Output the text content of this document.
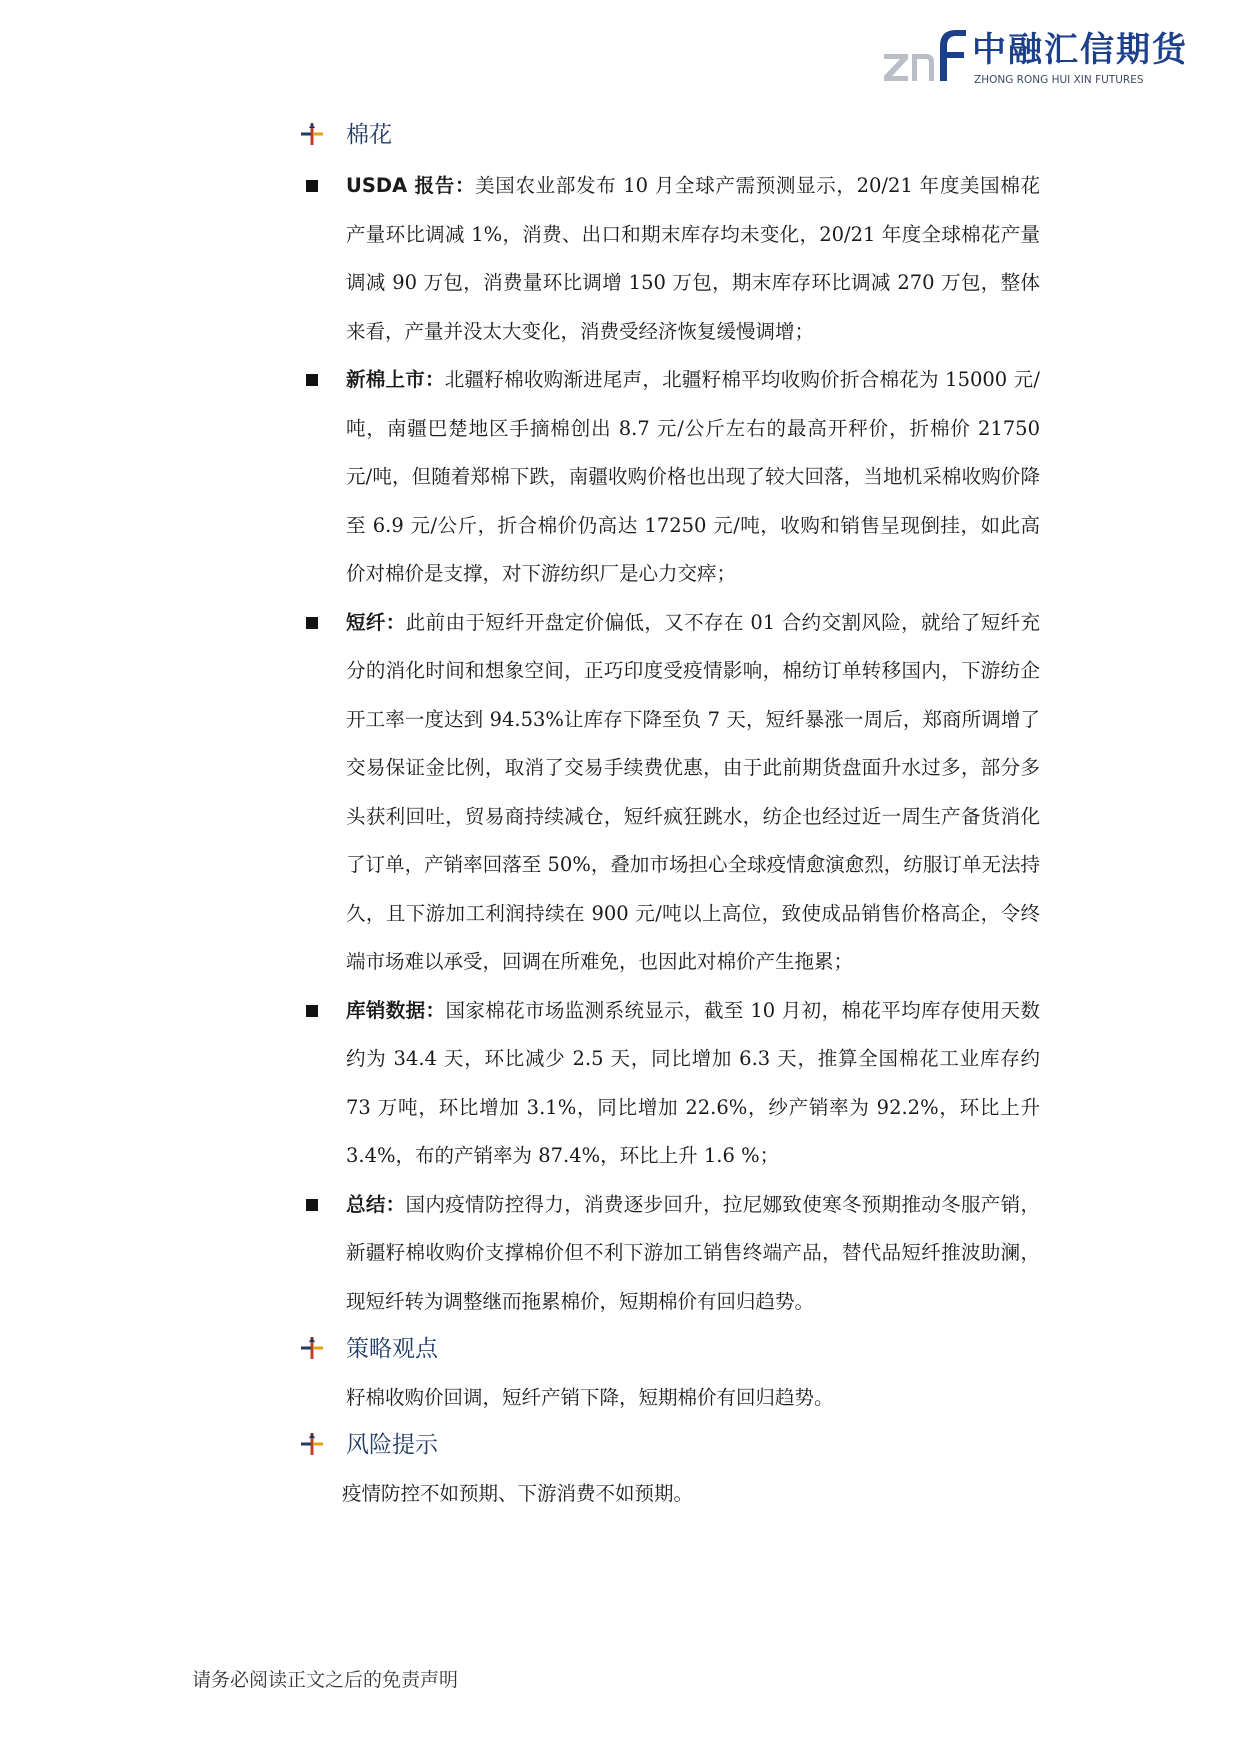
中融汇信期货
ZHONG RONG HUI XIN FUTURES
棉花
USDA 报告：美国农业部发布 10 月全球产需预测显示，20/21 年度美国棉花产量环比调减 1%，消费、出口和期末库存均未变化，20/21 年度全球棉花产量调减 90 万包，消费量环比调增 150 万包，期末库存环比调减 270 万包，整体来看，产量并没太大变化，消费受经济恢复缓慢调增；
新棉上市：北疆籽棉收购渐进尾声，北疆籽棉平均收购价折合棉花为 15000 元/吨，南疆巴楚地区手摘棉创出 8.7 元/公斤左右的最高开秤价，折棉价 21750 元/吨，但随着郑棉下跌，南疆收购价格也出现了较大回落，当地机采棉收购价降至 6.9 元/公斤，折合棉价仍高达 17250 元/吨，收购和销售呈现倒挂，如此高价对棉价是支撑，对下游纺织厂是心力交瘁；
短纤：此前由于短纤开盘定价偏低，又不存在 01 合约交割风险，就给了短纤充分的消化时间和想象空间，正巧印度受疫情影响，棉纺订单转移国内，下游纺企开工率一度达到 94.53%让库存下降至负 7 天，短纤暴涨一周后，郑商所调增了交易保证金比例，取消了交易手续费优惠，由于此前期货盘面升水过多，部分多头获利回吐，贸易商持续减仓，短纤疯狂跳水，纺企也经过近一周生产备货消化了订单，产销率回落至 50%，叠加市场担心全球疫情愈演愈烈，纺服订单无法持久，且下游加工利润持续在 900 元/吨以上高位，致使成品销售价格高企，令终端市场难以承受，回调在所难免，也因此对棉价产生拖累；
库销数据：国家棉花市场监测系统显示，截至 10 月初，棉花平均库存使用天数约为 34.4 天，环比减少 2.5 天，同比增加 6.3 天，推算全国棉花工业库存约 73 万吨，环比增加 3.1%，同比增加 22.6%，纱产销率为 92.2%，环比上升 3.4%，布的产销率为 87.4%，环比上升 1.6 %；
总结：国内疫情防控得力，消费逐步回升，拉尼娜致使寒冬预期推动冬服产销，新疆籽棉收购价支撑棉价但不利下游加工销售终端产品，替代品短纤推波助澜，现短纤转为调整继而拖累棉价，短期棉价有回归趋势。
策略观点
籽棉收购价回调，短纤产销下降，短期棉价有回归趋势。
风险提示
疫情防控不如预期、下游消费不如预期。
请务必阅读正文之后的免责声明
